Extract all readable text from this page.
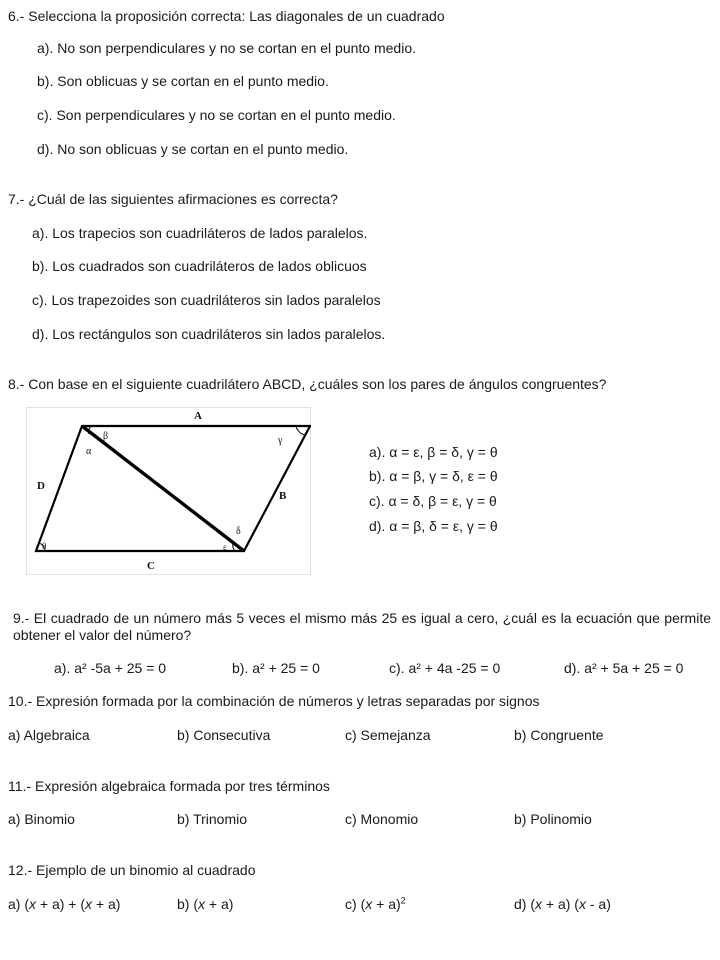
6.- Selecciona la proposición correcta: Las diagonales de un cuadrado
a). No son perpendiculares y no se cortan en el punto medio.
b). Son oblicuas y se cortan en el punto medio.
c). Son perpendiculares y no se cortan en el punto medio.
d). No son oblicuas y se cortan en el punto medio.
7.- ¿Cuál de las siguientes afirmaciones es correcta?
a). Los trapecios son cuadriláteros de lados paralelos.
b). Los cuadrados son cuadriláteros de lados oblicuos
c). Los trapezoides son cuadriláteros sin lados paralelos
d). Los rectángulos son cuadriláteros sin lados paralelos.
8.- Con base en el siguiente cuadrilátero ABCD, ¿cuáles son los pares de ángulos congruentes?
A
B
C
D
α
β	γ
δ
ε
θ
a). α = ε, β = δ, γ = θ
b). α = β, γ = δ, ε = θ
c). α = δ, β = ε, γ = θ
d). α = β, δ = ε, γ = θ
9.- El cuadrado de un número más 5 veces el mismo más 25 es igual a cero, ¿cuál es la ecuación que permite obtener el valor del número?
a). a² -5a + 25 = 0	b). a² + 25 = 0	c). a² + 4a -25 = 0	d). a² + 5a + 25 = 0
10.- Expresión formada por la combinación de números y letras separadas por signos
a) Algebraica	b) Consecutiva	c) Semejanza	b) Congruente
11.- Expresión algebraica formada por tres términos
a) Binomio	b) Trinomio	c) Monomio	b) Polinomio
12.- Ejemplo de un binomio al cuadrado
a) (x + a) + (x + a)	b) (x + a)	c) $(x + a)^2$	d) (x + a) (x - a)
